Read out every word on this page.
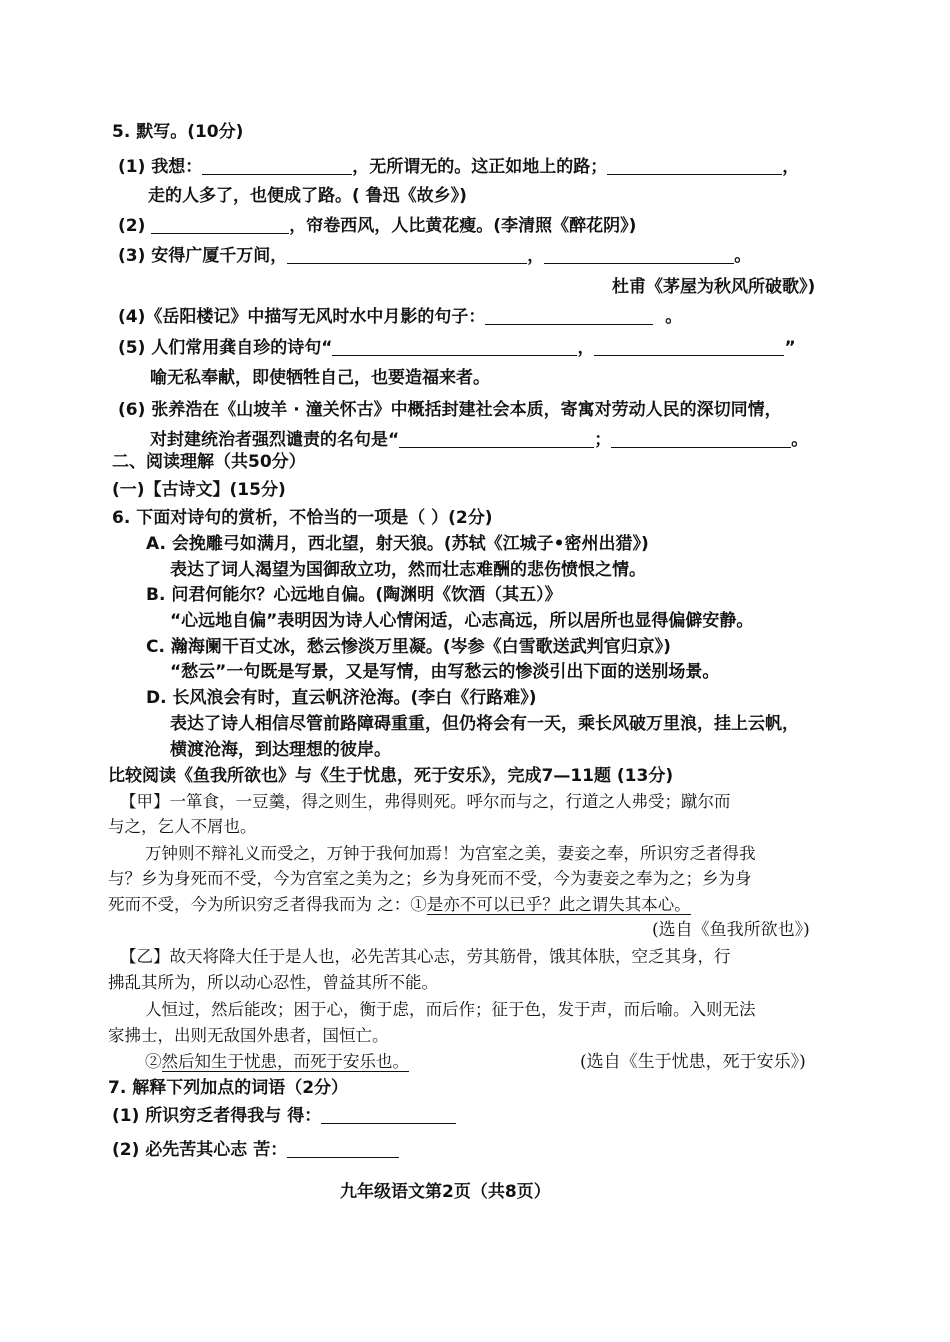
5. 默写。(10分)
(1) 我想：	，无所谓无的。这正如地上的路；	，
走的人多了，也便成了路。( 鲁迅《故乡》)
(2)	，帘卷西风，人比黄花瘦。(李清照《醉花阴》)
(3) 安得广厦千万间，	，	。
杜甫《茅屋为秋风所破歌》)
(4)《岳阳楼记》中描写无风时水中月影的句子：	。
(5) 人们常用龚自珍的诗句“	，	”
喻无私奉献，即使牺牲自己，也要造福来者。
(6) 张养浩在《山坡羊 · 潼关怀古》中概括封建社会本质，寄寓对劳动人民的深切同情，
对封建统治者强烈谴责的名句是“	；	。
二、阅读理解（共50分）
(一)【古诗文】(15分)
6. 下面对诗句的赏析，不恰当的一项是（ ）(2分)
A. 会挽雕弓如满月，西北望，射天狼。(苏轼《江城子•密州出猎》)
表达了词人渴望为国御敌立功，然而壮志难酬的悲伤愤恨之情。
B. 问君何能尔？心远地自偏。(陶渊明《饮酒（其五）》
“心远地自偏”表明因为诗人心情闲适，心志高远，所以居所也显得偏僻安静。
C. 瀚海阑干百丈冰，愁云惨淡万里凝。(岑参《白雪歌送武判官归京》)
“愁云”一句既是写景，又是写情，由写愁云的惨淡引出下面的送别场景。
D. 长风浪会有时，直云帆济沧海。(李白《行路难》)
表达了诗人相信尽管前路障碍重重，但仍将会有一天，乘长风破万里浪，挂上云帆，
横渡沧海，到达理想的彼岸。
比较阅读《鱼我所欲也》与《生于忧患，死于安乐》，完成7—11题 (13分)
【甲】一箪食，一豆羹，得之则生，弗得则死。呼尔而与之，行道之人弗受；蹴尔而
与之，乞人不屑也。
万钟则不辩礼义而受之，万钟于我何加焉！为宫室之美，妻妾之奉，所识穷乏者得我
与？乡为身死而不受，今为宫室之美为之；乡为身死而不受，今为妻妾之奉为之；乡为身
死而不受，今为所识穷乏者得我而为 之：①是亦不可以已乎？此之谓失其本心。
(选自《鱼我所欲也》)
【乙】故天将降大任于是人也，必先苦其心志，劳其筋骨，饿其体肤，空乏其身，行
拂乱其所为，所以动心忍性，曾益其所不能。
人恒过，然后能改；困于心，衡于虑，而后作；征于色，发于声，而后喻。入则无法
家拂士，出则无敌国外患者，国恒亡。
②然后知生于忧患，而死于安乐也。	(选自《生于忧患，死于安乐》)
7. 解释下列加点的词语（2分）
(1) 所识穷乏者得我与 得：
(2) 必先苦其心志 苦：
九年级语文第2页（共8页）
